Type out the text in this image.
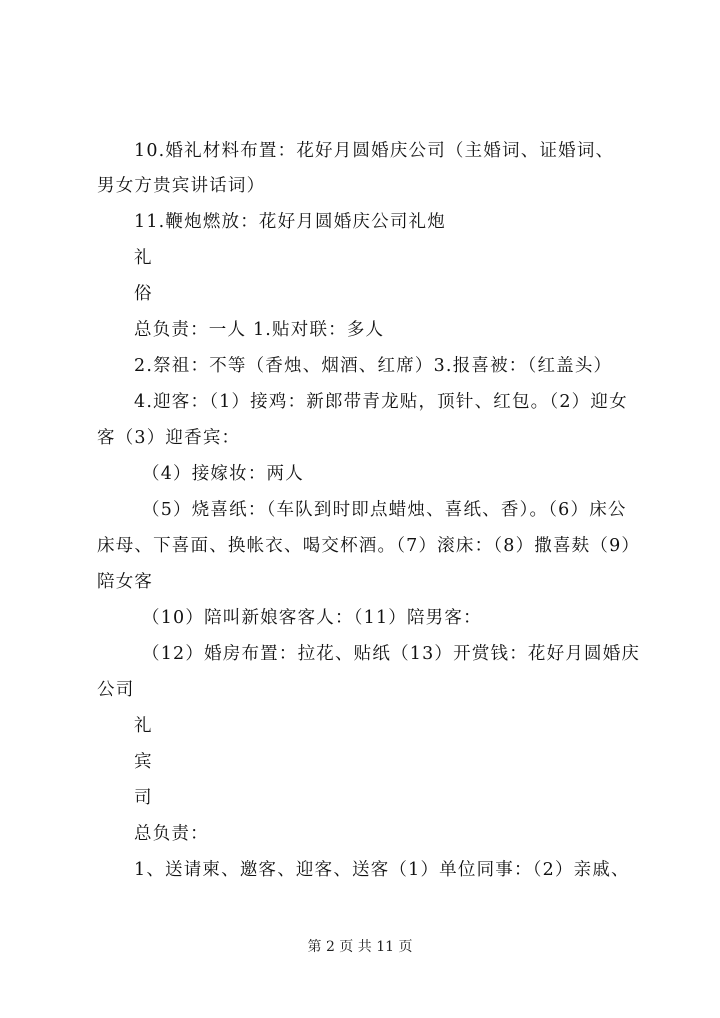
10.婚礼材料布置：花好月圆婚庆公司（主婚词、证婚词、
男女方贵宾讲话词）
11.鞭炮燃放：花好月圆婚庆公司礼炮
礼
俗
总负责：一人 1.贴对联：多人
2.祭祖：不等（香烛、烟酒、红席）3.报喜被：（红盖头）
4.迎客：（1）接鸡：新郎带青龙贴，顶针、红包。（2）迎女
客（3）迎香宾：
（4）接嫁妆：两人
（5）烧喜纸：（车队到时即点蜡烛、喜纸、香）。（6）床公
床母、下喜面、换帐衣、喝交杯酒。（7）滚床：（8）撒喜麸（9）
陪女客
（10）陪叫新娘客客人：（11）陪男客：
（12）婚房布置：拉花、贴纸（13）开赏钱：花好月圆婚庆
公司
礼
宾
司
总负责：
1、送请柬、邀客、迎客、送客（1）单位同事：（2）亲戚、
第 2 页 共 11 页
